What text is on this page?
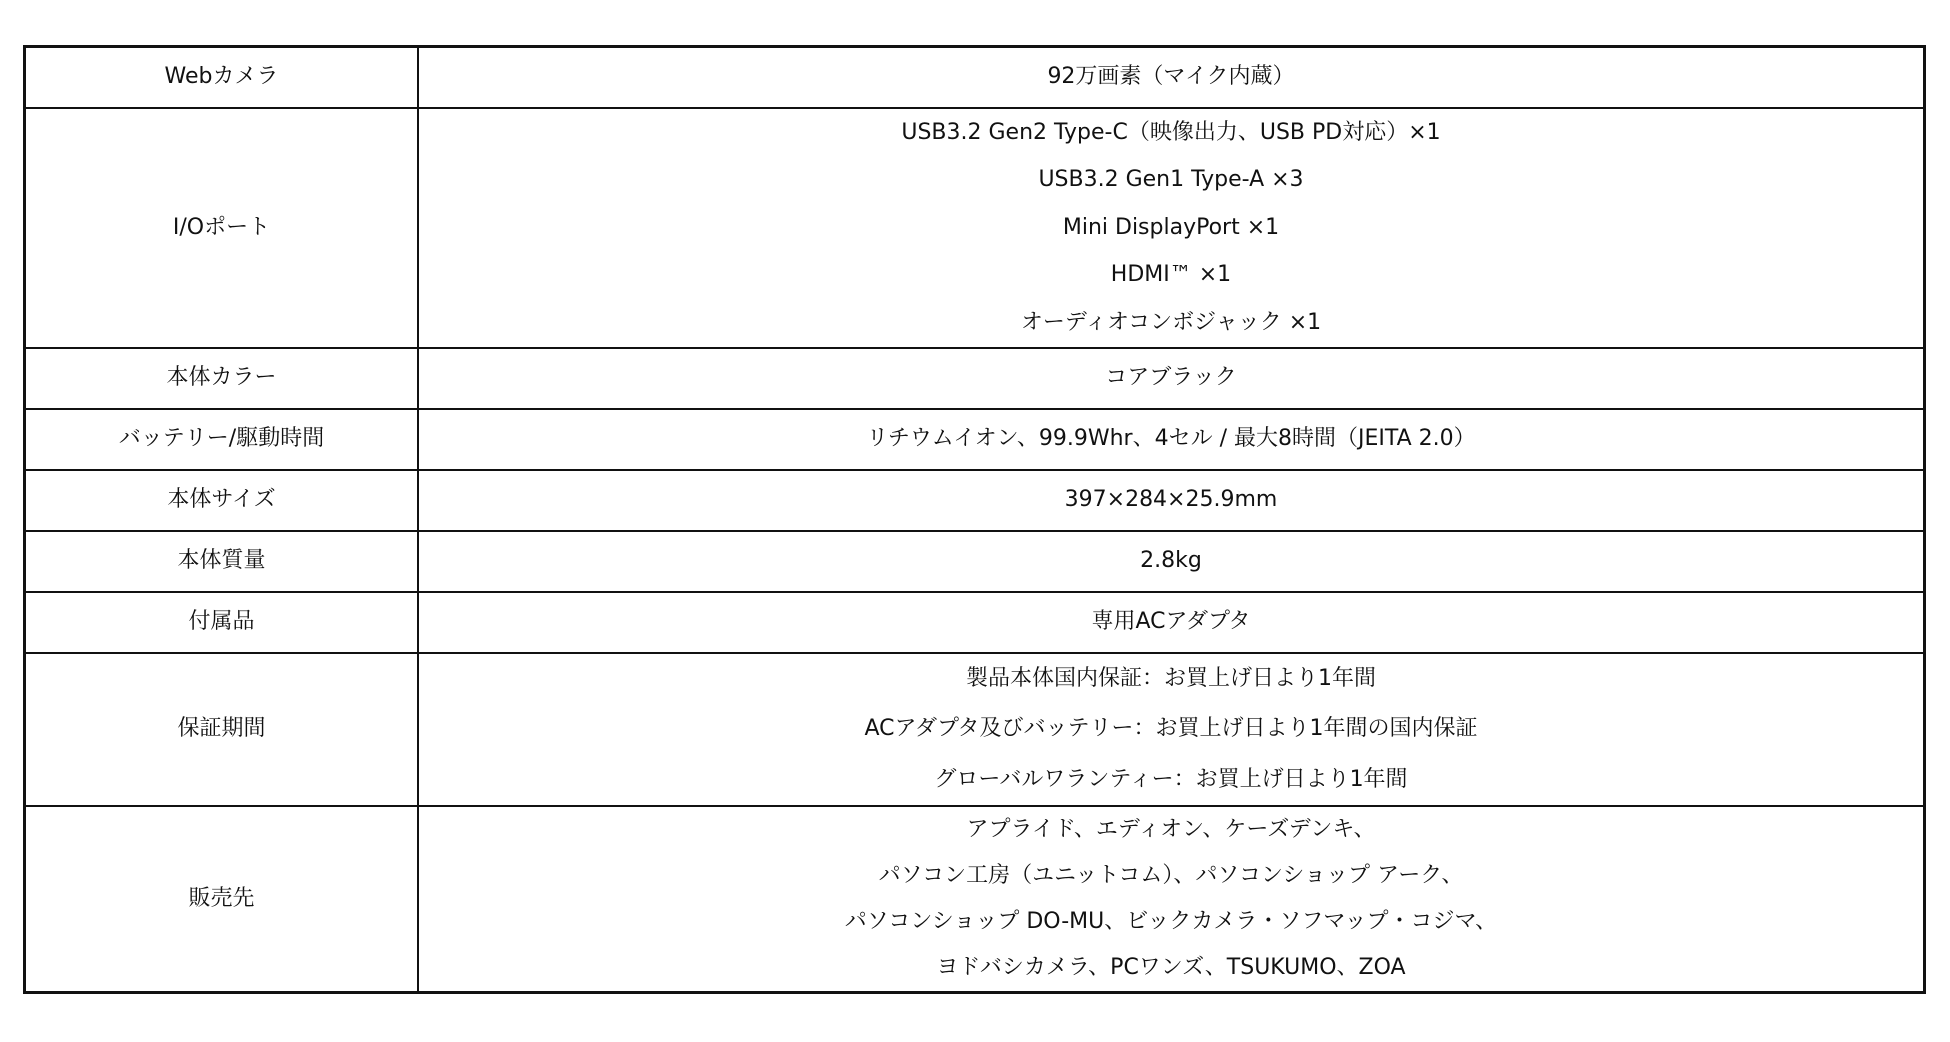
Webカメラ	92万画素（マイク内蔵）
I/Oポート	USB3.2 Gen2 Type-C（映像出力、USB PD対応）×1
USB3.2 Gen1 Type-A ×3
Mini DisplayPort ×1
HDMI™ ×1
オーディオコンボジャック ×1

本体カラー	コアブラック
バッテリー/駆動時間	リチウムイオン、99.9Whr、4セル / 最大8時間（JEITA 2.0）
本体サイズ	397×284×25.9mm
本体質量	2.8kg
付属品	専用ACアダプタ
保証期間	製品本体国内保証：お買上げ日より1年間
ACアダプタ及びバッテリー：お買上げ日より1年間の国内保証
グローバルワランティー：お買上げ日より1年間

販売先	アプライド、エディオン、ケーズデンキ、
パソコン工房（ユニットコム）、パソコンショップ アーク、
パソコンショップ DO-MU、ビックカメラ・ソフマップ・コジマ、
ヨドバシカメラ、PCワンズ、TSUKUMO、ZOA
